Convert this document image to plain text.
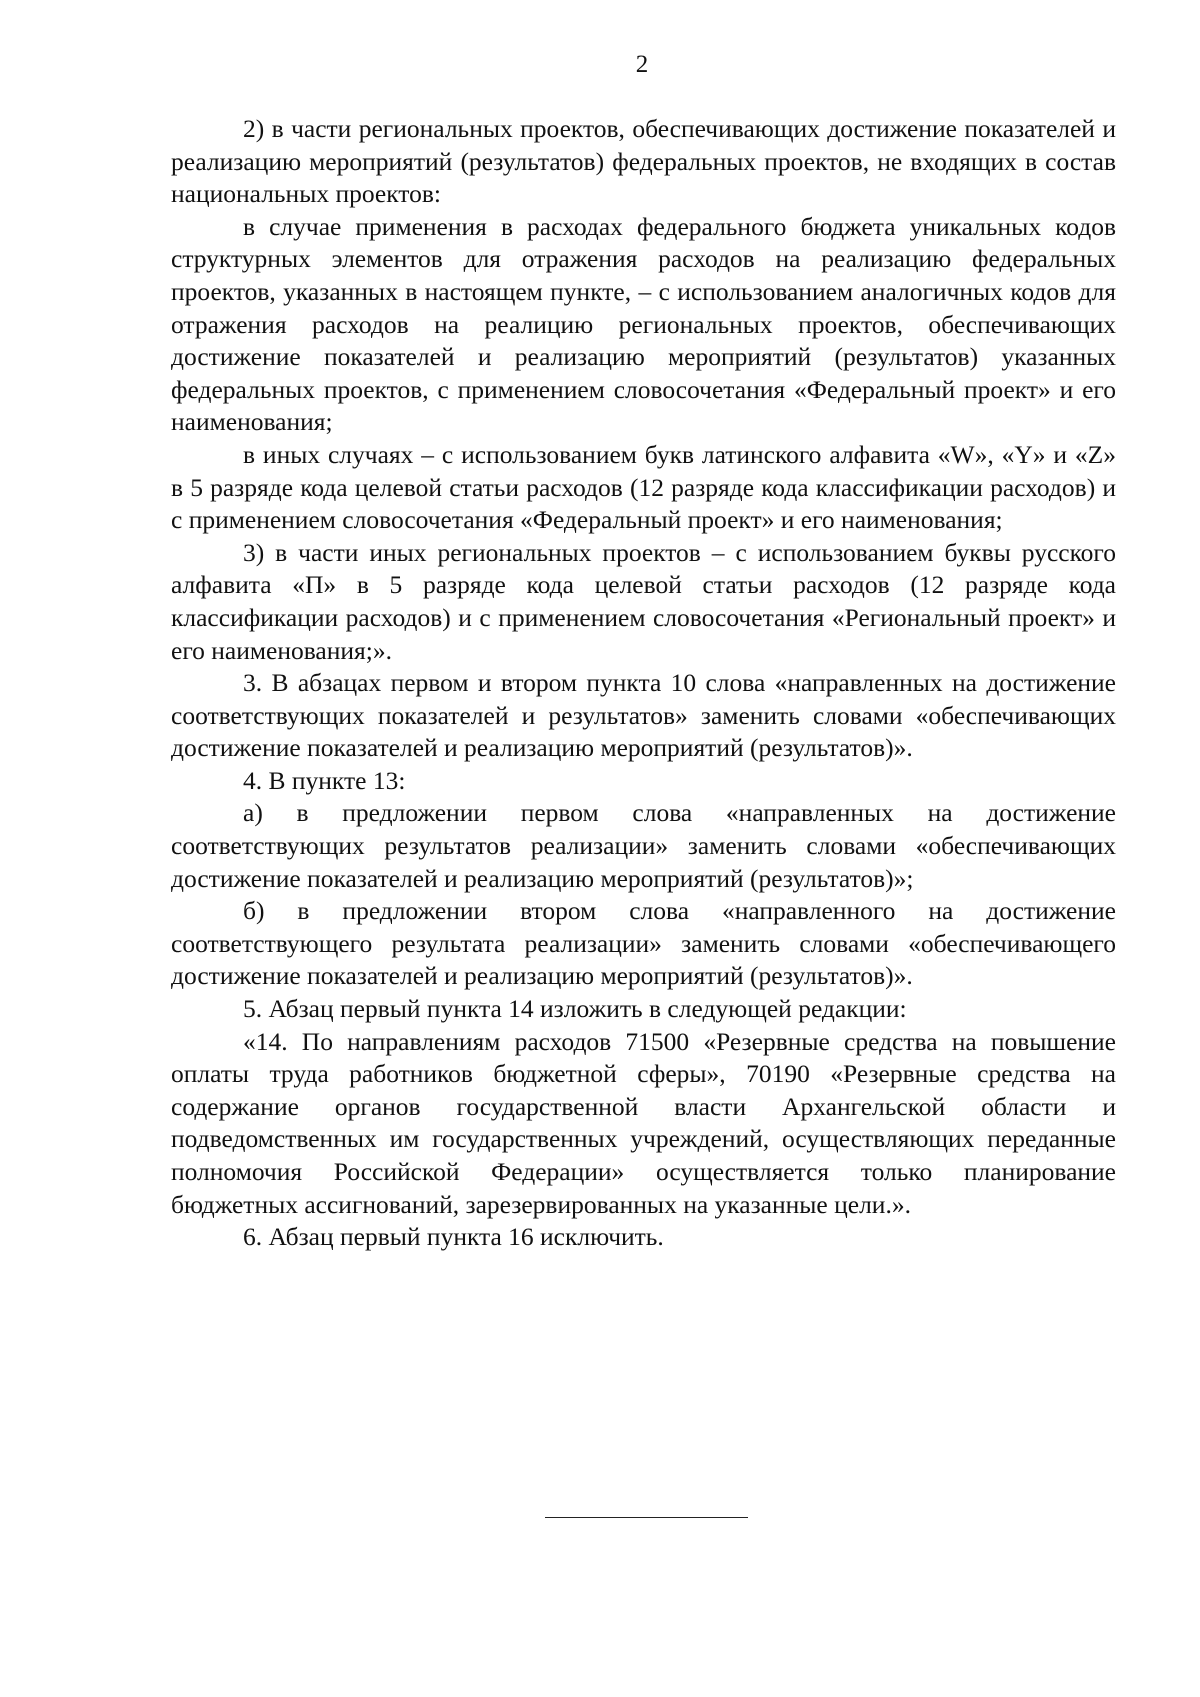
2

2) в части региональных проектов, обеспечивающих достижение показателей и реализацию мероприятий (результатов) федеральных проектов, не входящих в состав национальных проектов:

в случае применения в расходах федерального бюджета уникальных кодов структурных элементов для отражения расходов на реализацию федеральных проектов, указанных в настоящем пункте, – с использованием аналогичных кодов для отражения расходов на реалицию региональных проектов, обеспечивающих достижение показателей и реализацию мероприятий (результатов) указанных федеральных проектов, с применением словосочетания «Федеральный проект» и его наименования;

в иных случаях – с использованием букв латинского алфавита «W», «Y» и «Z» в 5 разряде кода целевой статьи расходов (12 разряде кода классификации расходов) и с применением словосочетания «Федеральный проект» и его наименования;

3) в части иных региональных проектов – с использованием буквы русского алфавита «П» в 5 разряде кода целевой статьи расходов (12 разряде кода классификации расходов) и с применением словосочетания «Региональный проект» и его наименования;».

3. В абзацах первом и втором пункта 10 слова «направленных на достижение соответствующих показателей и результатов» заменить словами «обеспечивающих достижение показателей и реализацию мероприятий (результатов)».

4. В пункте 13:

а) в предложении первом слова «направленных на достижение соответствующих результатов реализации» заменить словами «обеспечивающих достижение показателей и реализацию мероприятий (результатов)»;

б) в предложении втором слова «направленного на достижение соответствующего результата реализации» заменить словами «обеспечивающего достижение показателей и реализацию мероприятий (результатов)».

5. Абзац первый пункта 14 изложить в следующей редакции:

«14. По направлениям расходов 71500 «Резервные средства на повышение оплаты труда работников бюджетной сферы», 70190 «Резервные средства на содержание органов государственной власти Архангельской области и подведомственных им государственных учреждений, осуществляющих переданные полномочия Российской Федерации» осуществляется только планирование бюджетных ассигнований, зарезервированных на указанные цели.».

6. Абзац первый пункта 16 исключить.
